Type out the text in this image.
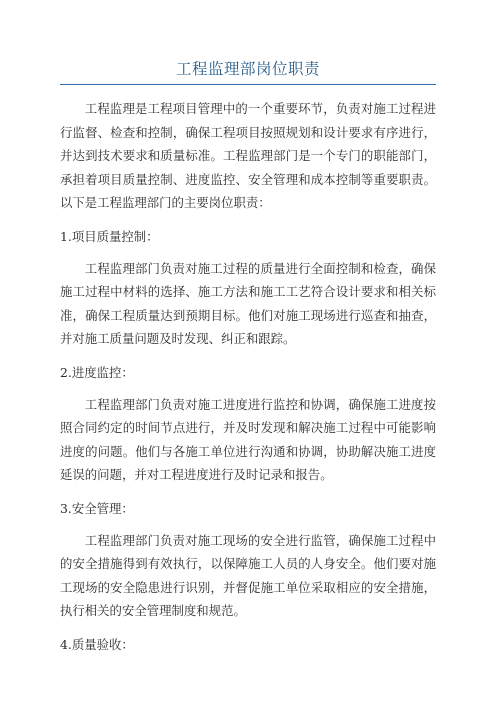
工程监理部岗位职责

工程监理是工程项目管理中的一个重要环节，负责对施工过程进行监督、检查和控制，确保工程项目按照规划和设计要求有序进行，并达到技术要求和质量标准。工程监理部门是一个专门的职能部门，承担着项目质量控制、进度监控、安全管理和成本控制等重要职责。以下是工程监理部门的主要岗位职责：

1.项目质量控制：

工程监理部门负责对施工过程的质量进行全面控制和检查，确保施工过程中材料的选择、施工方法和施工工艺符合设计要求和相关标准，确保工程质量达到预期目标。他们对施工现场进行巡查和抽查，并对施工质量问题及时发现、纠正和跟踪。

2.进度监控：

工程监理部门负责对施工进度进行监控和协调，确保施工进度按照合同约定的时间节点进行，并及时发现和解决施工过程中可能影响进度的问题。他们与各施工单位进行沟通和协调，协助解决施工进度延误的问题，并对工程进度进行及时记录和报告。

3.安全管理：

工程监理部门负责对施工现场的安全进行监管，确保施工过程中的安全措施得到有效执行，以保障施工人员的人身安全。他们要对施工现场的安全隐患进行识别，并督促施工单位采取相应的安全措施，执行相关的安全管理制度和规范。

4.质量验收：
